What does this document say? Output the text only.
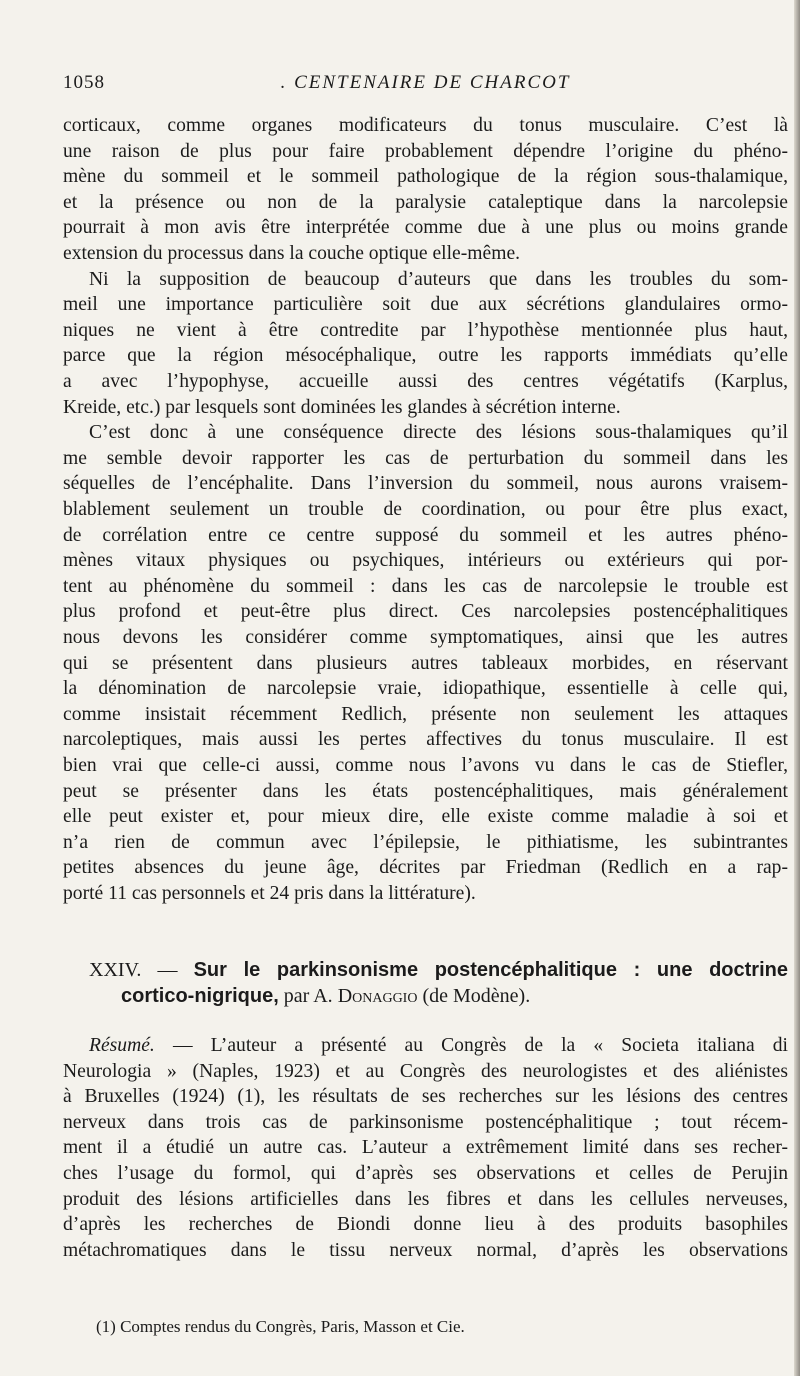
1058	. CENTENAIRE DE CHARCOT
corticaux, comme organes modificateurs du tonus musculaire. C’est là
une raison de plus pour faire probablement dépendre l’origine du phéno-
mène du sommeil et le sommeil pathologique de la région sous-thalamique,
et la présence ou non de la paralysie cataleptique dans la narcolepsie
pourrait à mon avis être interprétée comme due à une plus ou moins grande
extension du processus dans la couche optique elle-même.
Ni la supposition de beaucoup d’auteurs que dans les troubles du som-
meil une importance particulière soit due aux sécrétions glandulaires ormo-
niques ne vient à être contredite par l’hypothèse mentionnée plus haut,
parce que la région mésocéphalique, outre les rapports immédiats qu’elle
a avec l’hypophyse, accueille aussi des centres végétatifs (Karplus,
Kreide, etc.) par lesquels sont dominées les glandes à sécrétion interne.
C’est donc à une conséquence directe des lésions sous-thalamiques qu’il
me semble devoir rapporter les cas de perturbation du sommeil dans les
séquelles de l’encéphalite. Dans l’inversion du sommeil, nous aurons vraisem-
blablement seulement un trouble de coordination, ou pour être plus exact,
de corrélation entre ce centre supposé du sommeil et les autres phéno-
mènes vitaux physiques ou psychiques, intérieurs ou extérieurs qui por-
tent au phénomène du sommeil : dans les cas de narcolepsie le trouble est
plus profond et peut-être plus direct. Ces narcolepsies postencéphalitiques
nous devons les considérer comme symptomatiques, ainsi que les autres
qui se présentent dans plusieurs autres tableaux morbides, en réservant
la dénomination de narcolepsie vraie, idiopathique, essentielle à celle qui,
comme insistait récemment Redlich, présente non seulement les attaques
narcoleptiques, mais aussi les pertes affectives du tonus musculaire. Il est
bien vrai que celle-ci aussi, comme nous l’avons vu dans le cas de Stiefler,
peut se présenter dans les états postencéphalitiques, mais généralement
elle peut exister et, pour mieux dire, elle existe comme maladie à soi et
n’a rien de commun avec l’épilepsie, le pithiatisme, les subintrantes
petites absences du jeune âge, décrites par Friedman (Redlich en a rap-
porté 11 cas personnels et 24 pris dans la littérature).
XXIV. — Sur le parkinsonisme postencéphalitique : une doctrine
cortico-nigrique, par A. Donaggio (de Modène).
Résumé. — L’auteur a présenté au Congrès de la « Societa italiana di
Neurologia » (Naples, 1923) et au Congrès des neurologistes et des aliénistes
à Bruxelles (1924) (1), les résultats de ses recherches sur les lésions des centres
nerveux dans trois cas de parkinsonisme postencéphalitique ; tout récem-
ment il a étudié un autre cas. L’auteur a extrêmement limité dans ses recher-
ches l’usage du formol, qui d’après ses observations et celles de Perujin
produit des lésions artificielles dans les fibres et dans les cellules nerveuses,
d’après les recherches de Biondi donne lieu à des produits basophiles
métachromatiques dans le tissu nerveux normal, d’après les observations
(1) Comptes rendus du Congrès, Paris, Masson et Cie.
